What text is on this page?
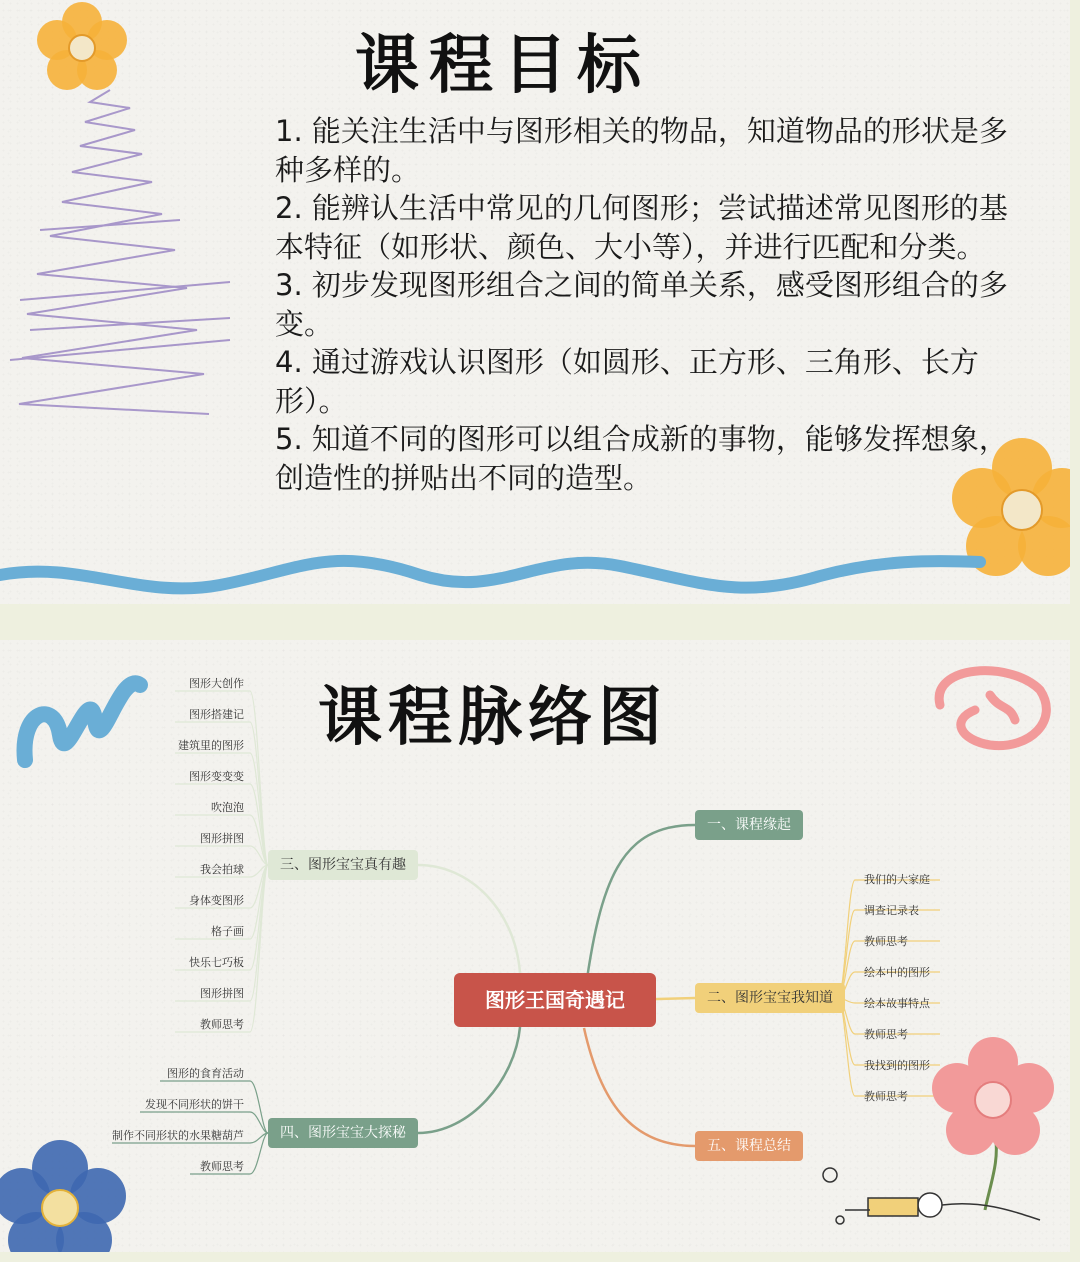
课程目标

1. 能关注生活中与图形相关的物品，知道物品的形状是多种多样的。

2. 能辨认生活中常见的几何图形；尝试描述常见图形的基本特征（如形状、颜色、大小等），并进行匹配和分类。

3. 初步发现图形组合之间的简单关系，感受图形组合的多变。

4. 通过游戏认识图形（如圆形、正方形、三角形、长方形）。

5. 知道不同的图形可以组合成新的事物，能够发挥想象，创造性的拼贴出不同的造型。

课程脉络图
图形王国奇遇记
一、课程缘起
二、图形宝宝我知道
三、图形宝宝真有趣
四、图形宝宝大探秘
五、课程总结
我们的大家庭
调查记录表
教师思考
绘本中的图形
绘本故事特点
教师思考
我找到的图形
教师思考
图形大创作
图形搭建记
建筑里的图形
图形变变变
吹泡泡
图形拼图
我会拍球
身体变图形
格子画
快乐七巧板
图形拼图
教师思考
图形的食育活动
发现不同形状的饼干
制作不同形状的水果糖葫芦
教师思考
